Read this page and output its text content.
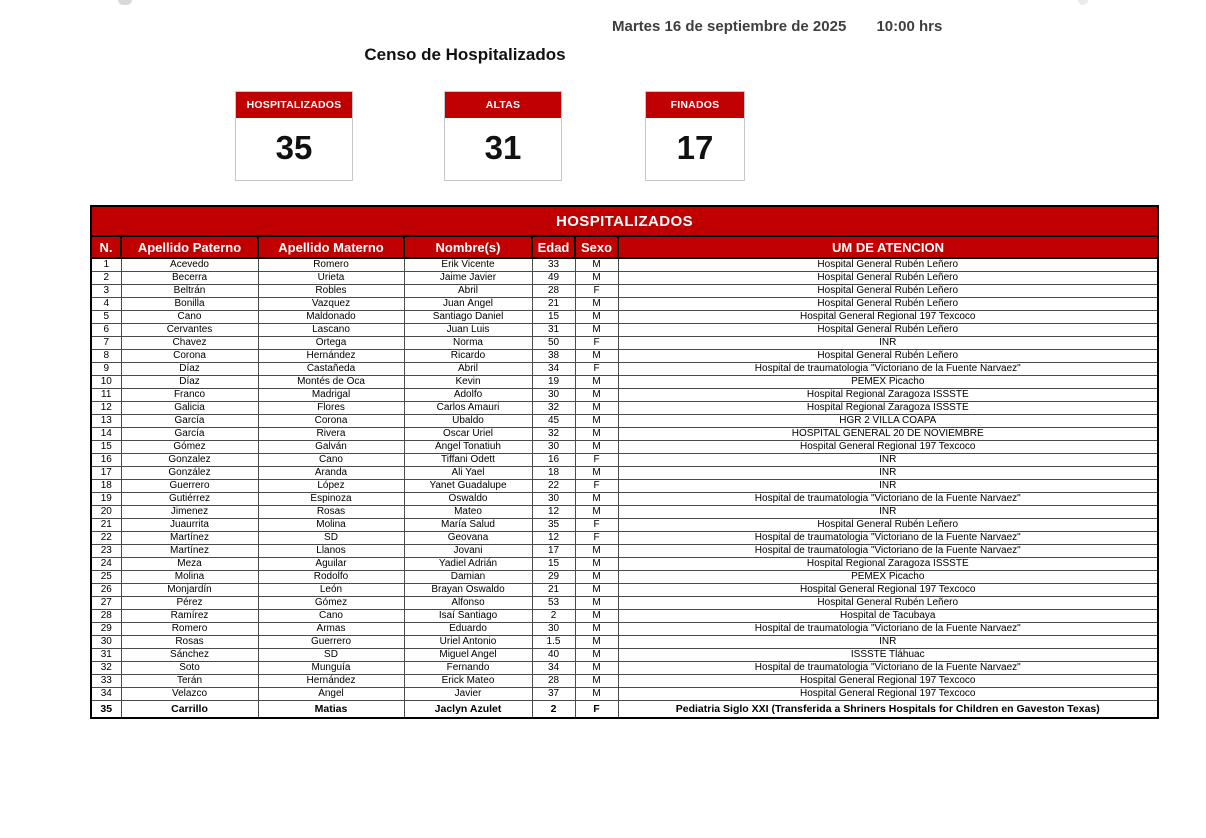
Martes 16 de septiembre de 2025 10:00 hrs
Censo de Hospitalizados
HOSPITALIZADOS
35
ALTAS
31
FINADOS
17
HOSPITALIZADOS						
N.	Apellido Paterno	Apellido Materno	Nombre(s)	Edad	Sexo	UM DE ATENCION
1	Acevedo	Romero	Erik Vicente	33	M	Hospital General Rubén Leñero
2	Becerra	Urieta	Jaime Javier	49	M	Hospital General Rubén Leñero
3	Beltrán	Robles	Abril	28	F	Hospital General Rubén Leñero
4	Bonilla	Vazquez	Juan Ángel	21	M	Hospital General Rubén Leñero
5	Cano	Maldonado	Santiago Daniel	15	M	Hospital General Regional 197 Texcoco
6	Cervantes	Lascano	Juan Luis	31	M	Hospital General Rubén Leñero
7	Chavez	Ortega	Norma	50	F	INR
8	Corona	Hernández	Ricardo	38	M	Hospital General Rubén Leñero
9	Díaz	Castañeda	Abril	34	F	Hospital de traumatologia "Victoriano de la Fuente Narvaez"
10	Díaz	Montés de Oca	Kevin	19	M	PEMEX Picacho
11	Franco	Madrigal	Adolfo	30	M	Hospital Regional Zaragoza ISSSTE
12	Galicia	Flores	Carlos Amauri	32	M	Hospital Regional Zaragoza ISSSTE
13	García	Corona	Ubaldo	45	M	HGR 2 VILLA COAPA
14	García	Rivera	Oscar Uriel	32	M	HOSPITAL GENERAL 20 DE NOVIEMBRE
15	Gómez	Galván	Ángel Tonatiuh	30	M	Hospital General Regional 197 Texcoco
16	Gonzalez	Cano	Tiffani Odett	16	F	INR
17	González	Aranda	Ali Yael	18	M	INR
18	Guerrero	López	Yanet Guadalupe	22	F	INR
19	Gutiérrez	Espinoza	Oswaldo	30	M	Hospital de traumatologia "Victoriano de la Fuente Narvaez"
20	Jimenez	Rosas	Mateo	12	M	INR
21	Juaurrita	Molina	María Salud	35	F	Hospital General Rubén Leñero
22	Martínez	SD	Geovana	12	F	Hospital de traumatologia "Victoriano de la Fuente Narvaez"
23	Martínez	Llanos	Jovani	17	M	Hospital de traumatologia "Victoriano de la Fuente Narvaez"
24	Meza	Aguilar	Yadiel Adrián	15	M	Hospital Regional Zaragoza ISSSTE
25	Molina	Rodolfo	Damian	29	M	PEMEX Picacho
26	Monjardín	León	Brayan Oswaldo	21	M	Hospital General Regional 197 Texcoco
27	Pérez	Gómez	Alfonso	53	M	Hospital General Rubén Leñero
28	Ramírez	Cano	Isaí Santiago	2	M	Hospital de Tacubaya
29	Romero	Armas	Eduardo	30	M	Hospital de traumatologia "Victoriano de la Fuente Narvaez"
30	Rosas	Guerrero	Uriel Antonio	1.5	M	INR
31	Sánchez	SD	Miguel Angel	40	M	ISSSTE Tláhuac
32	Soto	Munguía	Fernando	34	M	Hospital de traumatologia "Victoriano de la Fuente Narvaez"
33	Terán	Hernández	Erick Mateo	28	M	Hospital General Regional 197 Texcoco
34	Velazco	Ángel	Javier	37	M	Hospital General Regional 197 Texcoco
35	Carrillo	Matias	Jaclyn Azulet	2	F	Pediatria Siglo XXI (Transferida a Shriners Hospitals for Children en Gaveston Texas)
